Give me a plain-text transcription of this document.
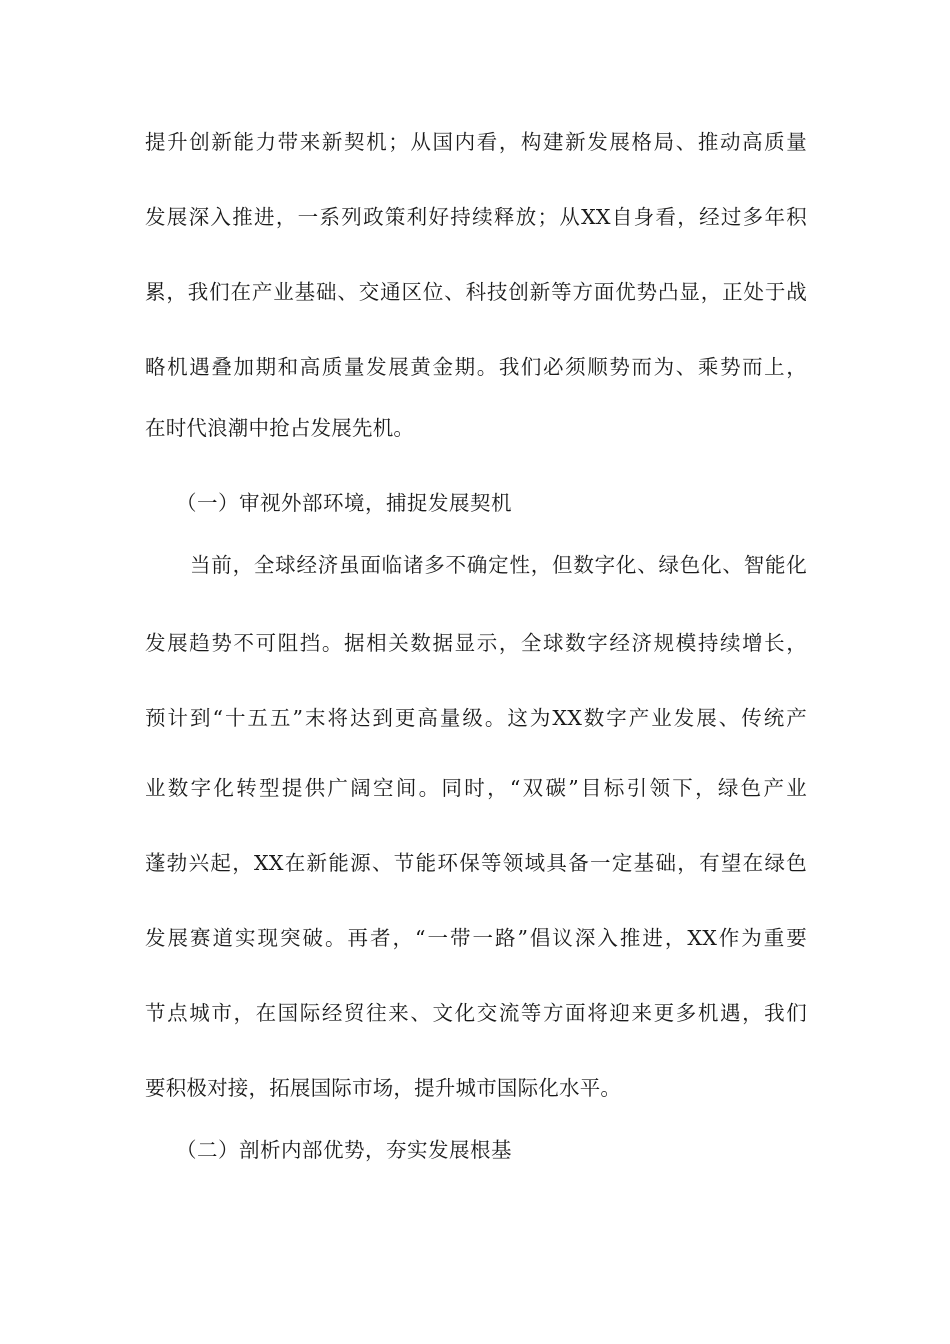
提升创新能力带来新契机；从国内看，构建新发展格局、推动高质量
发展深入推进，一系列政策利好持续释放；从XX自身看，经过多年积
累，我们在产业基础、交通区位、科技创新等方面优势凸显，正处于战
略机遇叠加期和高质量发展黄金期。我们必须顺势而为、乘势而上，
在时代浪潮中抢占发展先机。
（一）审视外部环境，捕捉发展契机
当前，全球经济虽面临诸多不确定性，但数字化、绿色化、智能化
发展趋势不可阻挡。据相关数据显示，全球数字经济规模持续增长，
预计到“十五五”末将达到更高量级。这为XX数字产业发展、传统产
业数字化转型提供广阔空间。同时，“双碳”目标引领下，绿色产业
蓬勃兴起，XX在新能源、节能环保等领域具备一定基础，有望在绿色
发展赛道实现突破。再者，“一带一路”倡议深入推进，XX作为重要
节点城市，在国际经贸往来、文化交流等方面将迎来更多机遇，我们
要积极对接，拓展国际市场，提升城市国际化水平。
（二）剖析内部优势，夯实发展根基
